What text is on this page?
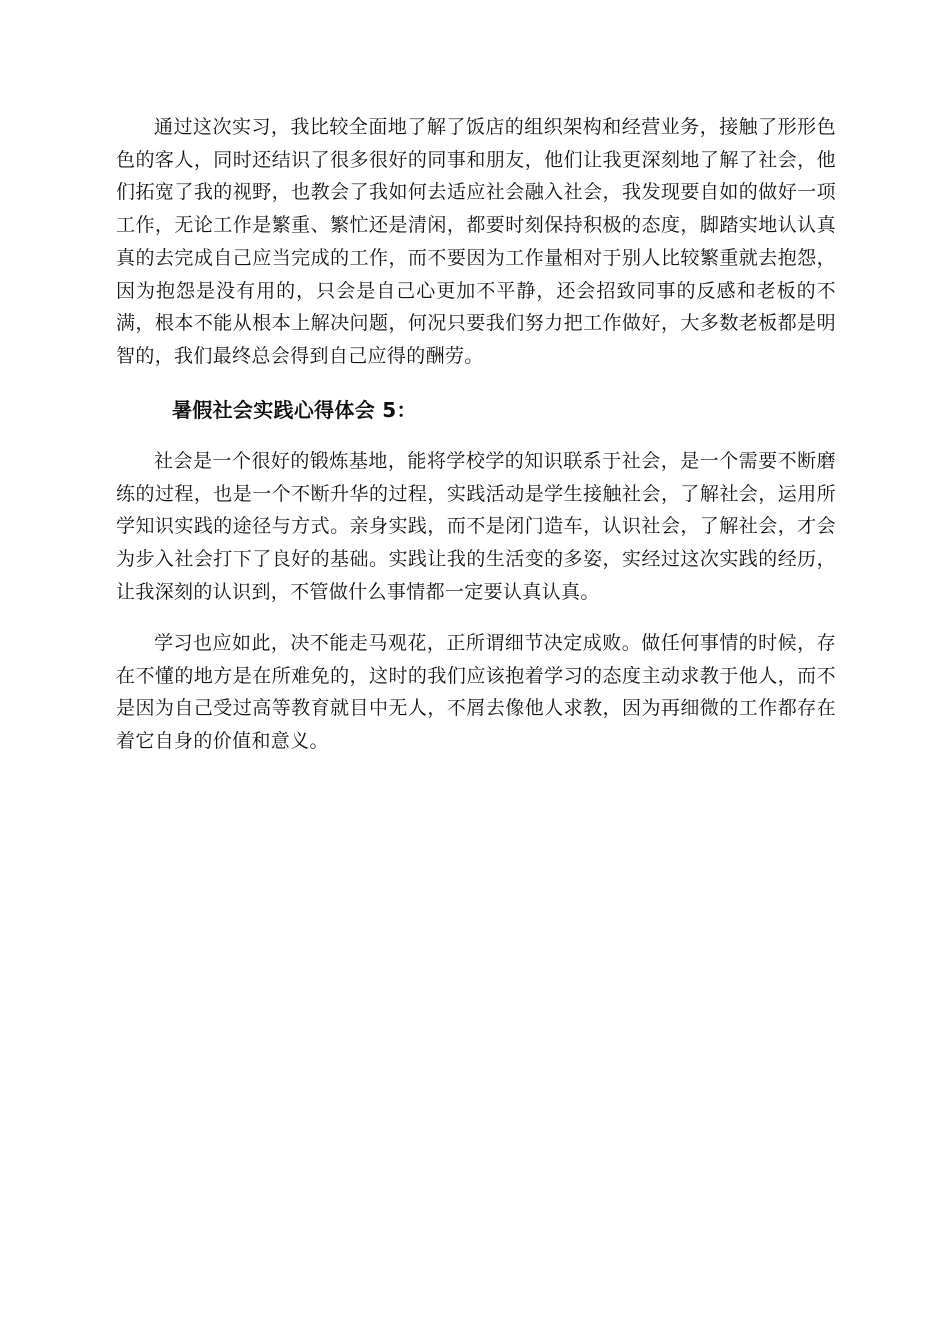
通过这次实习，我比较全面地了解了饭店的组织架构和经营业务，接触了形形色色的客人，同时还结识了很多很好的同事和朋友，他们让我更深刻地了解了社会，他们拓宽了我的视野，也教会了我如何去适应社会融入社会，我发现要自如的做好一项工作，无论工作是繁重、繁忙还是清闲，都要时刻保持积极的态度，脚踏实地认认真真的去完成自己应当完成的工作，而不要因为工作量相对于别人比较繁重就去抱怨，因为抱怨是没有用的，只会是自己心更加不平静，还会招致同事的反感和老板的不满，根本不能从根本上解决问题，何况只要我们努力把工作做好，大多数老板都是明智的，我们最终总会得到自己应得的酬劳。

暑假社会实践心得体会 5：

社会是一个很好的锻炼基地，能将学校学的知识联系于社会，是一个需要不断磨练的过程，也是一个不断升华的过程，实践活动是学生接触社会，了解社会，运用所学知识实践的途径与方式。亲身实践，而不是闭门造车，认识社会，了解社会，才会为步入社会打下了良好的基础。实践让我的生活变的多姿，实经过这次实践的经历，让我深刻的认识到，不管做什么事情都一定要认真认真。

学习也应如此，决不能走马观花，正所谓细节决定成败。做任何事情的时候，存在不懂的地方是在所难免的，这时的我们应该抱着学习的态度主动求教于他人，而不是因为自己受过高等教育就目中无人，不屑去像他人求教，因为再细微的工作都存在着它自身的价值和意义。
